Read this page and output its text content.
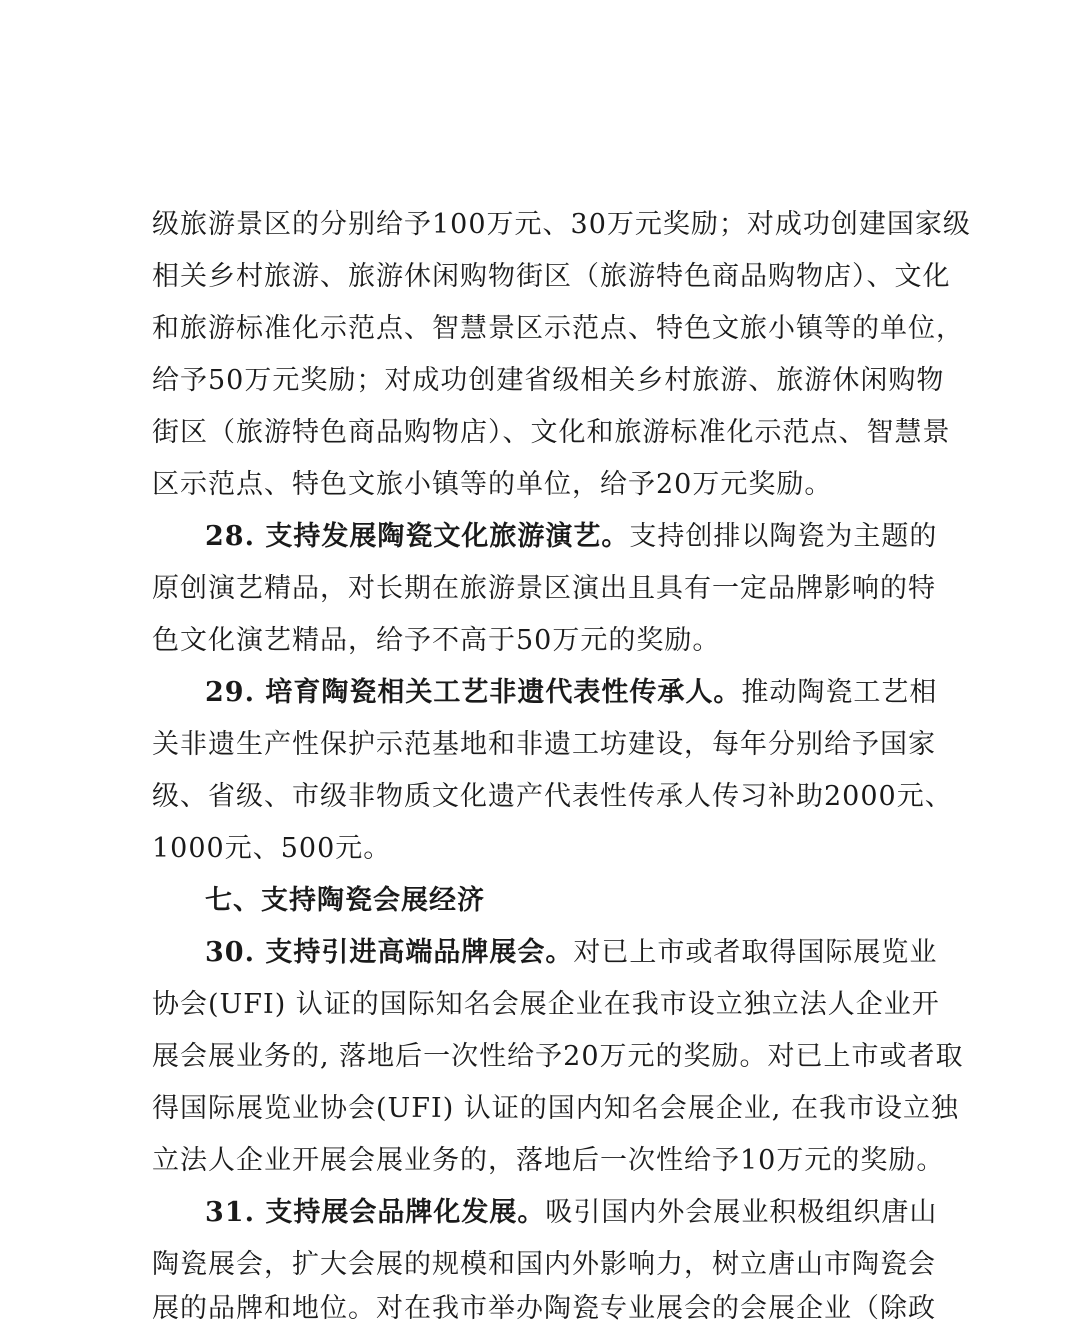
级旅游景区的分别给予100万元、30万元奖励；对成功创建国家级
相关乡村旅游、旅游休闲购物街区（旅游特色商品购物店）、文化
和旅游标准化示范点、智慧景区示范点、特色文旅小镇等的单位，
给予50万元奖励；对成功创建省级相关乡村旅游、旅游休闲购物
街区（旅游特色商品购物店）、文化和旅游标准化示范点、智慧景
区示范点、特色文旅小镇等的单位，给予20万元奖励。
28. 支持发展陶瓷文化旅游演艺。支持创排以陶瓷为主题的
原创演艺精品，对长期在旅游景区演出且具有一定品牌影响的特
色文化演艺精品，给予不高于50万元的奖励。
29. 培育陶瓷相关工艺非遗代表性传承人。推动陶瓷工艺相
关非遗生产性保护示范基地和非遗工坊建设，每年分别给予国家
级、省级、市级非物质文化遗产代表性传承人传习补助2000元、
1000元、500元。
七、支持陶瓷会展经济
30. 支持引进高端品牌展会。对已上市或者取得国际展览业
协会(UFI) 认证的国际知名会展企业在我市设立独立法人企业开
展会展业务的, 落地后一次性给予20万元的奖励。对已上市或者取
得国际展览业协会(UFI) 认证的国内知名会展企业, 在我市设立独
立法人企业开展会展业务的，落地后一次性给予10万元的奖励。
31. 支持展会品牌化发展。吸引国内外会展业积极组织唐山
陶瓷展会，扩大会展的规模和国内外影响力，树立唐山市陶瓷会
展的品牌和地位。对在我市举办陶瓷专业展会的会展企业（除政
